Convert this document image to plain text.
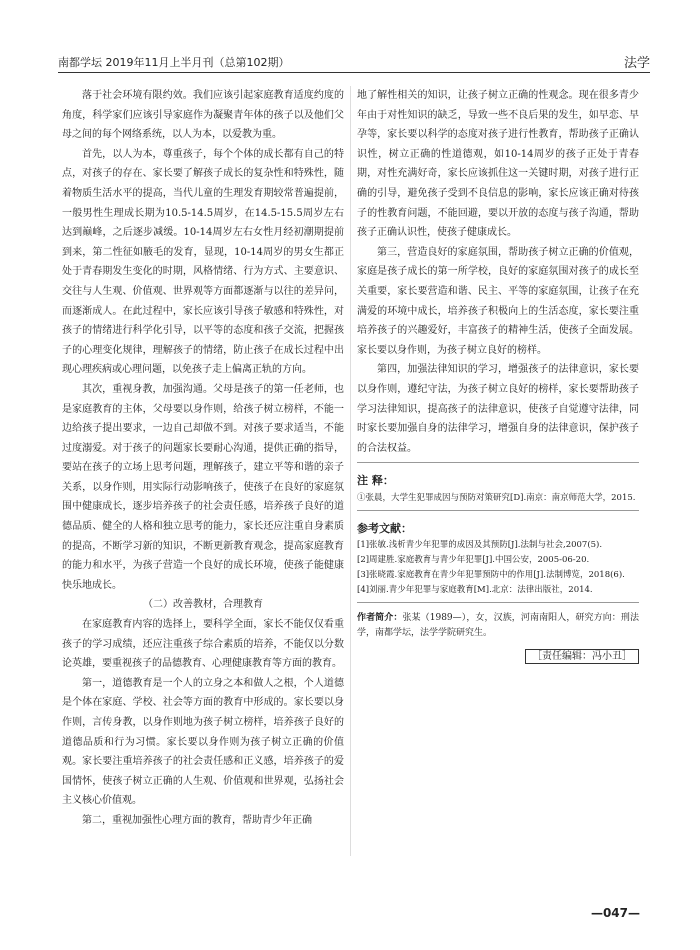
南都学坛 2019年11月上半月刊（总第102期）	法学

落于社会环境有限约效。我们应该引起家庭教育适度约度的角度，科学家们应该引导家庭作为凝聚青年体的孩子以及他们父母之间的每个网络系统，以人为本，以爱教为重。

首先，以人为本，尊重孩子，每个个体的成长都有自己的特点，对孩子的存在、家长要了解孩子成长的复杂性和特殊性，随着物质生活水平的提高，当代儿童的生理发育期较常普遍提前，一般男性生理成长期为10.5-14.5周岁，在14.5-15.5周岁左右达到巅峰，之后逐步减缓。10-14周岁左右女性月经初潮期提前到来，第二性征如腋毛的发育，显现，10-14周岁的男女生都正处于青春期发生变化的时期，风格情绪、行为方式、主要意识、交往与人生观、价值观、世界观等方面都逐渐与以往的差异问，而逐渐成人。在此过程中，家长应该引导孩子敏感和特殊性，对孩子的情绪进行科学化引导，以平等的态度和孩子交流，把握孩子的心理变化规律，理解孩子的情绪，防止孩子在成长过程中出现心理疾病或心理问题，以免孩子走上偏离正轨的方向。

其次，重视身教，加强沟通。父母是孩子的第一任老师，也是家庭教育的主体，父母要以身作则，给孩子树立榜样，不能一边给孩子提出要求，一边自己却做不到。对孩子要求适当，不能过度溺爱。对于孩子的问题家长要耐心沟通，提供正确的指导，要站在孩子的立场上思考问题，理解孩子，建立平等和谐的亲子关系，以身作则，用实际行动影响孩子，使孩子在良好的家庭氛围中健康成长，逐步培养孩子的社会责任感，培养孩子良好的道德品质、健全的人格和独立思考的能力，家长还应注重自身素质的提高，不断学习新的知识，不断更新教育观念，提高家庭教育的能力和水平，为孩子营造一个良好的成长环境，使孩子能健康快乐地成长。

（二）改善教材，合理教育

在家庭教育内容的选择上，要科学全面，家长不能仅仅看重孩子的学习成绩，还应注重孩子综合素质的培养，不能仅以分数论英雄，要重视孩子的品德教育、心理健康教育等方面的教育。

第一，道德教育是一个人的立身之本和做人之根，个人道德是个体在家庭、学校、社会等方面的教育中形成的。家长要以身作则，言传身教，以身作则地为孩子树立榜样，培养孩子良好的道德品质和行为习惯。家长要以身作则为孩子树立正确的价值观。家长要注重培养孩子的社会责任感和正义感，培养孩子的爱国情怀，使孩子树立正确的人生观、价值观和世界观，弘扬社会主义核心价值观。

第二，重视加强性心理方面的教育，帮助青少年正确

地了解性相关的知识，让孩子树立正确的性观念。现在很多青少年由于对性知识的缺乏，导致一些不良后果的发生，如早恋、早孕等，家长要以科学的态度对孩子进行性教育，帮助孩子正确认识性，树立正确的性道德观，如10-14周岁的孩子正处于青春期，对性充满好奇，家长应该抓住这一关键时期，对孩子进行正确的引导，避免孩子受到不良信息的影响，家长应该正确对待孩子的性教育问题，不能回避，要以开放的态度与孩子沟通，帮助孩子正确认识性，使孩子健康成长。

第三，营造良好的家庭氛围，帮助孩子树立正确的价值观，家庭是孩子成长的第一所学校，良好的家庭氛围对孩子的成长至关重要，家长要营造和谐、民主、平等的家庭氛围，让孩子在充满爱的环境中成长，培养孩子积极向上的生活态度，家长要注重培养孩子的兴趣爱好，丰富孩子的精神生活，使孩子全面发展。家长要以身作则，为孩子树立良好的榜样。

第四，加强法律知识的学习，增强孩子的法律意识，家长要以身作则，遵纪守法，为孩子树立良好的榜样，家长要帮助孩子学习法律知识，提高孩子的法律意识，使孩子自觉遵守法律，同时家长要加强自身的法律学习，增强自身的法律意识，保护孩子的合法权益。

注 释：

①张晨，大学生犯罪成因与预防对策研究[D].南京：南京师范大学，2015.

参考文献：

[1]张敏.浅析青少年犯罪的成因及其预防[J].法制与社会,2007(5).

[2]周建胜.家庭教育与青少年犯罪[J].中国公安，2005-06-20.

[3]张晓霞.家庭教育在青少年犯罪预防中的作用[J].法制博览，2018(6).

[4]刘丽.青少年犯罪与家庭教育[M].北京：法律出版社，2014.

作者简介：张某（1989—），女，汉族，河南南阳人，研究方向：刑法学，南都学坛，法学学院研究生。

［责任编辑：冯小丑］
—047—
